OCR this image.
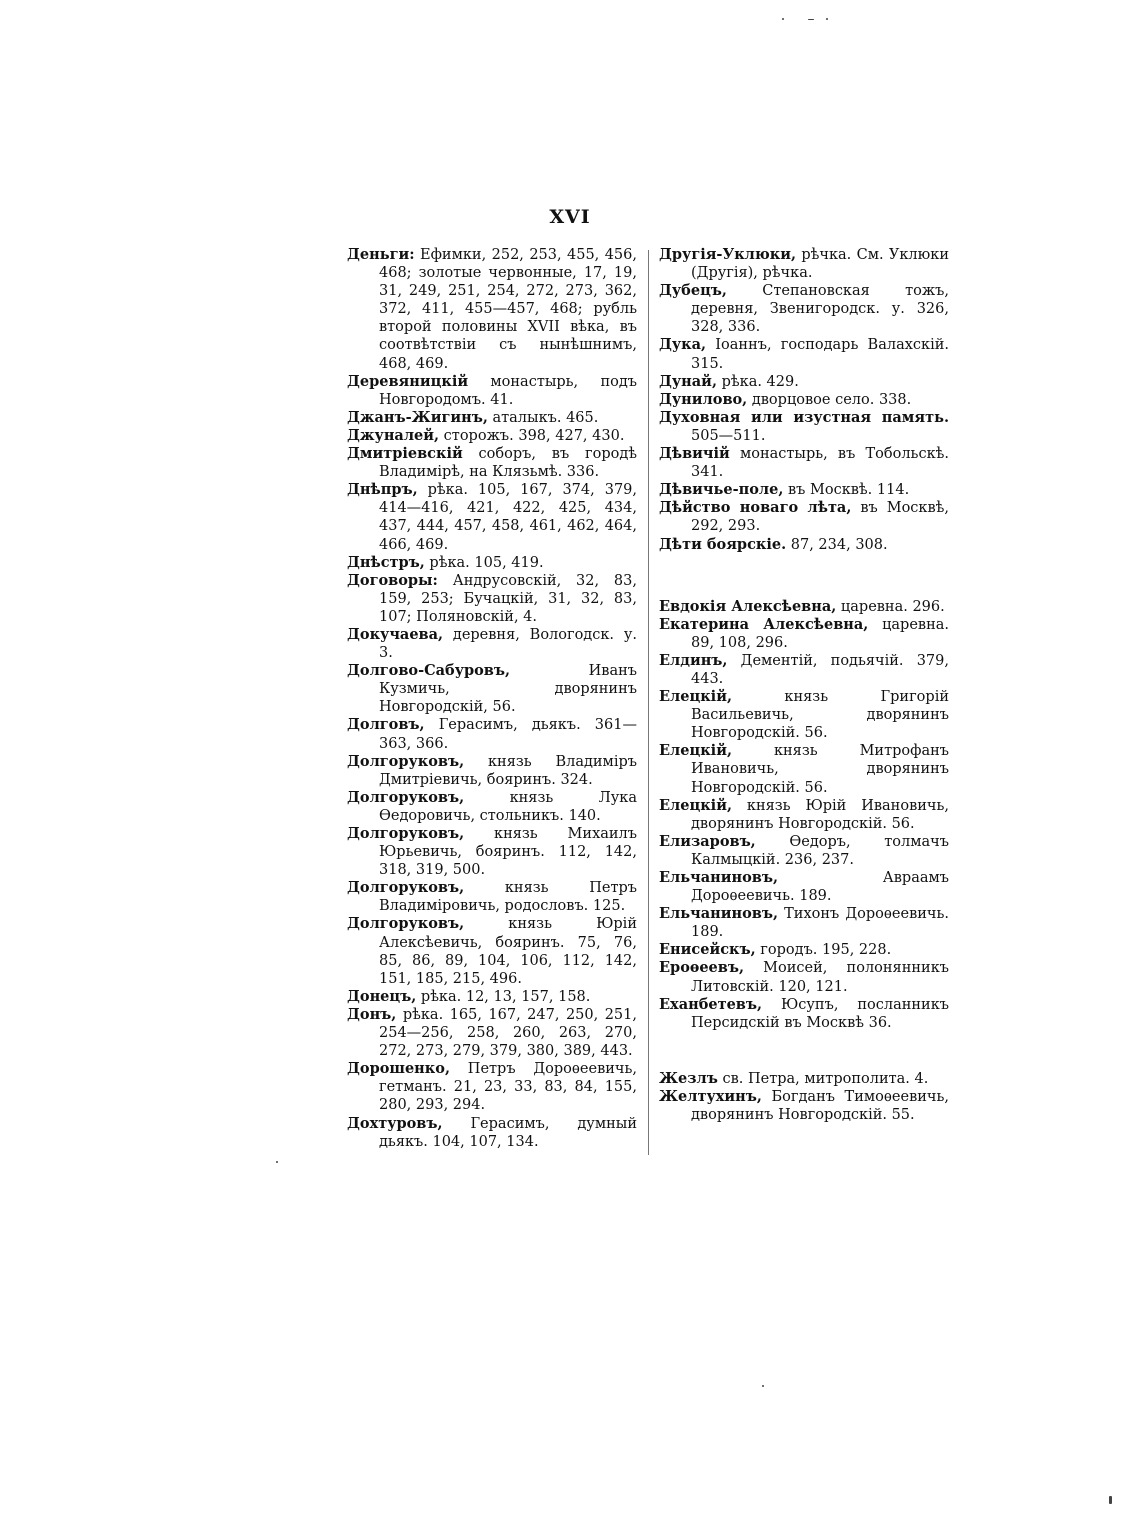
XVI

Деньги: Ефимки, 252, 253, 455, 456, 468; золотые червонные, 17, 19, 31, 249, 251, 254, 272, 273, 362, 372, 411, 455—457, 468; рубль второй половины XVII вѣка, въ соотвѣтствіи съ нынѣшнимъ, 468, 469.

Деревяницкій монастырь, подъ Новгородомъ. 41.

Джанъ-Жигинъ, аталыкъ. 465.

Джуналей, сторожъ. 398, 427, 430.

Дмитріевскій соборъ, въ городѣ Владимірѣ, на Клязьмѣ. 336.

Днѣпръ, рѣка. 105, 167, 374, 379, 414—416, 421, 422, 425, 434, 437, 444, 457, 458, 461, 462, 464, 466, 469.

Днѣстръ, рѣка. 105, 419.

Договоры: Андрусовскій, 32, 83, 159, 253; Бучацкій, 31, 32, 83, 107; Поляновскій, 4.

Докучаева, деревня, Вологодск. у. 3.

Долгово-Сабуровъ, Иванъ Кузмичь, дворянинъ Новгородскій, 56.

Долговъ, Герасимъ, дьякъ. 361—363, 366.

Долгоруковъ, князь Владиміръ Дмитріевичь, бояринъ. 324.

Долгоруковъ, князь Лука Ѳедоровичь, стольникъ. 140.

Долгоруковъ, князь Михаилъ Юрьевичь, бояринъ. 112, 142, 318, 319, 500.

Долгоруковъ, князь Петръ Владиміровичь, родословъ. 125.

Долгоруковъ, князь Юрій Алексѣевичь, бояринъ. 75, 76, 85, 86, 89, 104, 106, 112, 142, 151, 185, 215, 496.

Донецъ, рѣка. 12, 13, 157, 158.

Донъ, рѣка. 165, 167, 247, 250, 251, 254—256, 258, 260, 263, 270, 272, 273, 279, 379, 380, 389, 443.

Дорошенко, Петръ Дороѳеевичь, гетманъ. 21, 23, 33, 83, 84, 155, 280, 293, 294.

Дохтуровъ, Герасимъ, думный дьякъ. 104, 107, 134.

Другія-Уклюки, рѣчка. См. Уклюки (Другія), рѣчка.

Дубецъ, Степановская тожъ, деревня, Звенигородск. у. 326, 328, 336.

Дука, Іоаннъ, господарь Валахскій. 315.

Дунай, рѣка. 429.

Дуниловo, дворцовое село. 338.

Духовная или изустная память. 505—511.

Дѣвичій монастырь, въ Тобольскѣ. 341.

Дѣвичье-поле, въ Москвѣ. 114.

Дѣйство новаго лѣта, въ Москвѣ, 292, 293.

Дѣти боярскіе. 87, 234, 308.

Евдокія Алексѣевна, царевна. 296.

Екатерина Алексѣевна, царевна. 89, 108, 296.

Елдинъ, Дементій, подьячій. 379, 443.

Елецкій, князь Григорій Васильевичь, дворянинъ Новгородскій. 56.

Елецкій, князь Митрофанъ Ивановичь, дворянинъ Новгородскій. 56.

Елецкій, князь Юрій Ивановичь, дворянинъ Новгородскій. 56.

Елизаровъ, Ѳедоръ, толмачъ Калмыцкій. 236, 237.

Ельчаниновъ, Авраамъ Дороѳеевичь. 189.

Ельчаниновъ, Тихонъ Дороѳеевичь. 189.

Енисейскъ, городъ. 195, 228.

Ероѳеевъ, Моисей, полонянникъ Литовскій. 120, 121.

Еханбетевъ, Юсупъ, посланникъ Персидскій въ Москвѣ 36.

Жезлъ св. Петра, митрополита. 4.

Желтухинъ, Богданъ Тимоѳеевичь, дворянинъ Новгородскій. 55.
